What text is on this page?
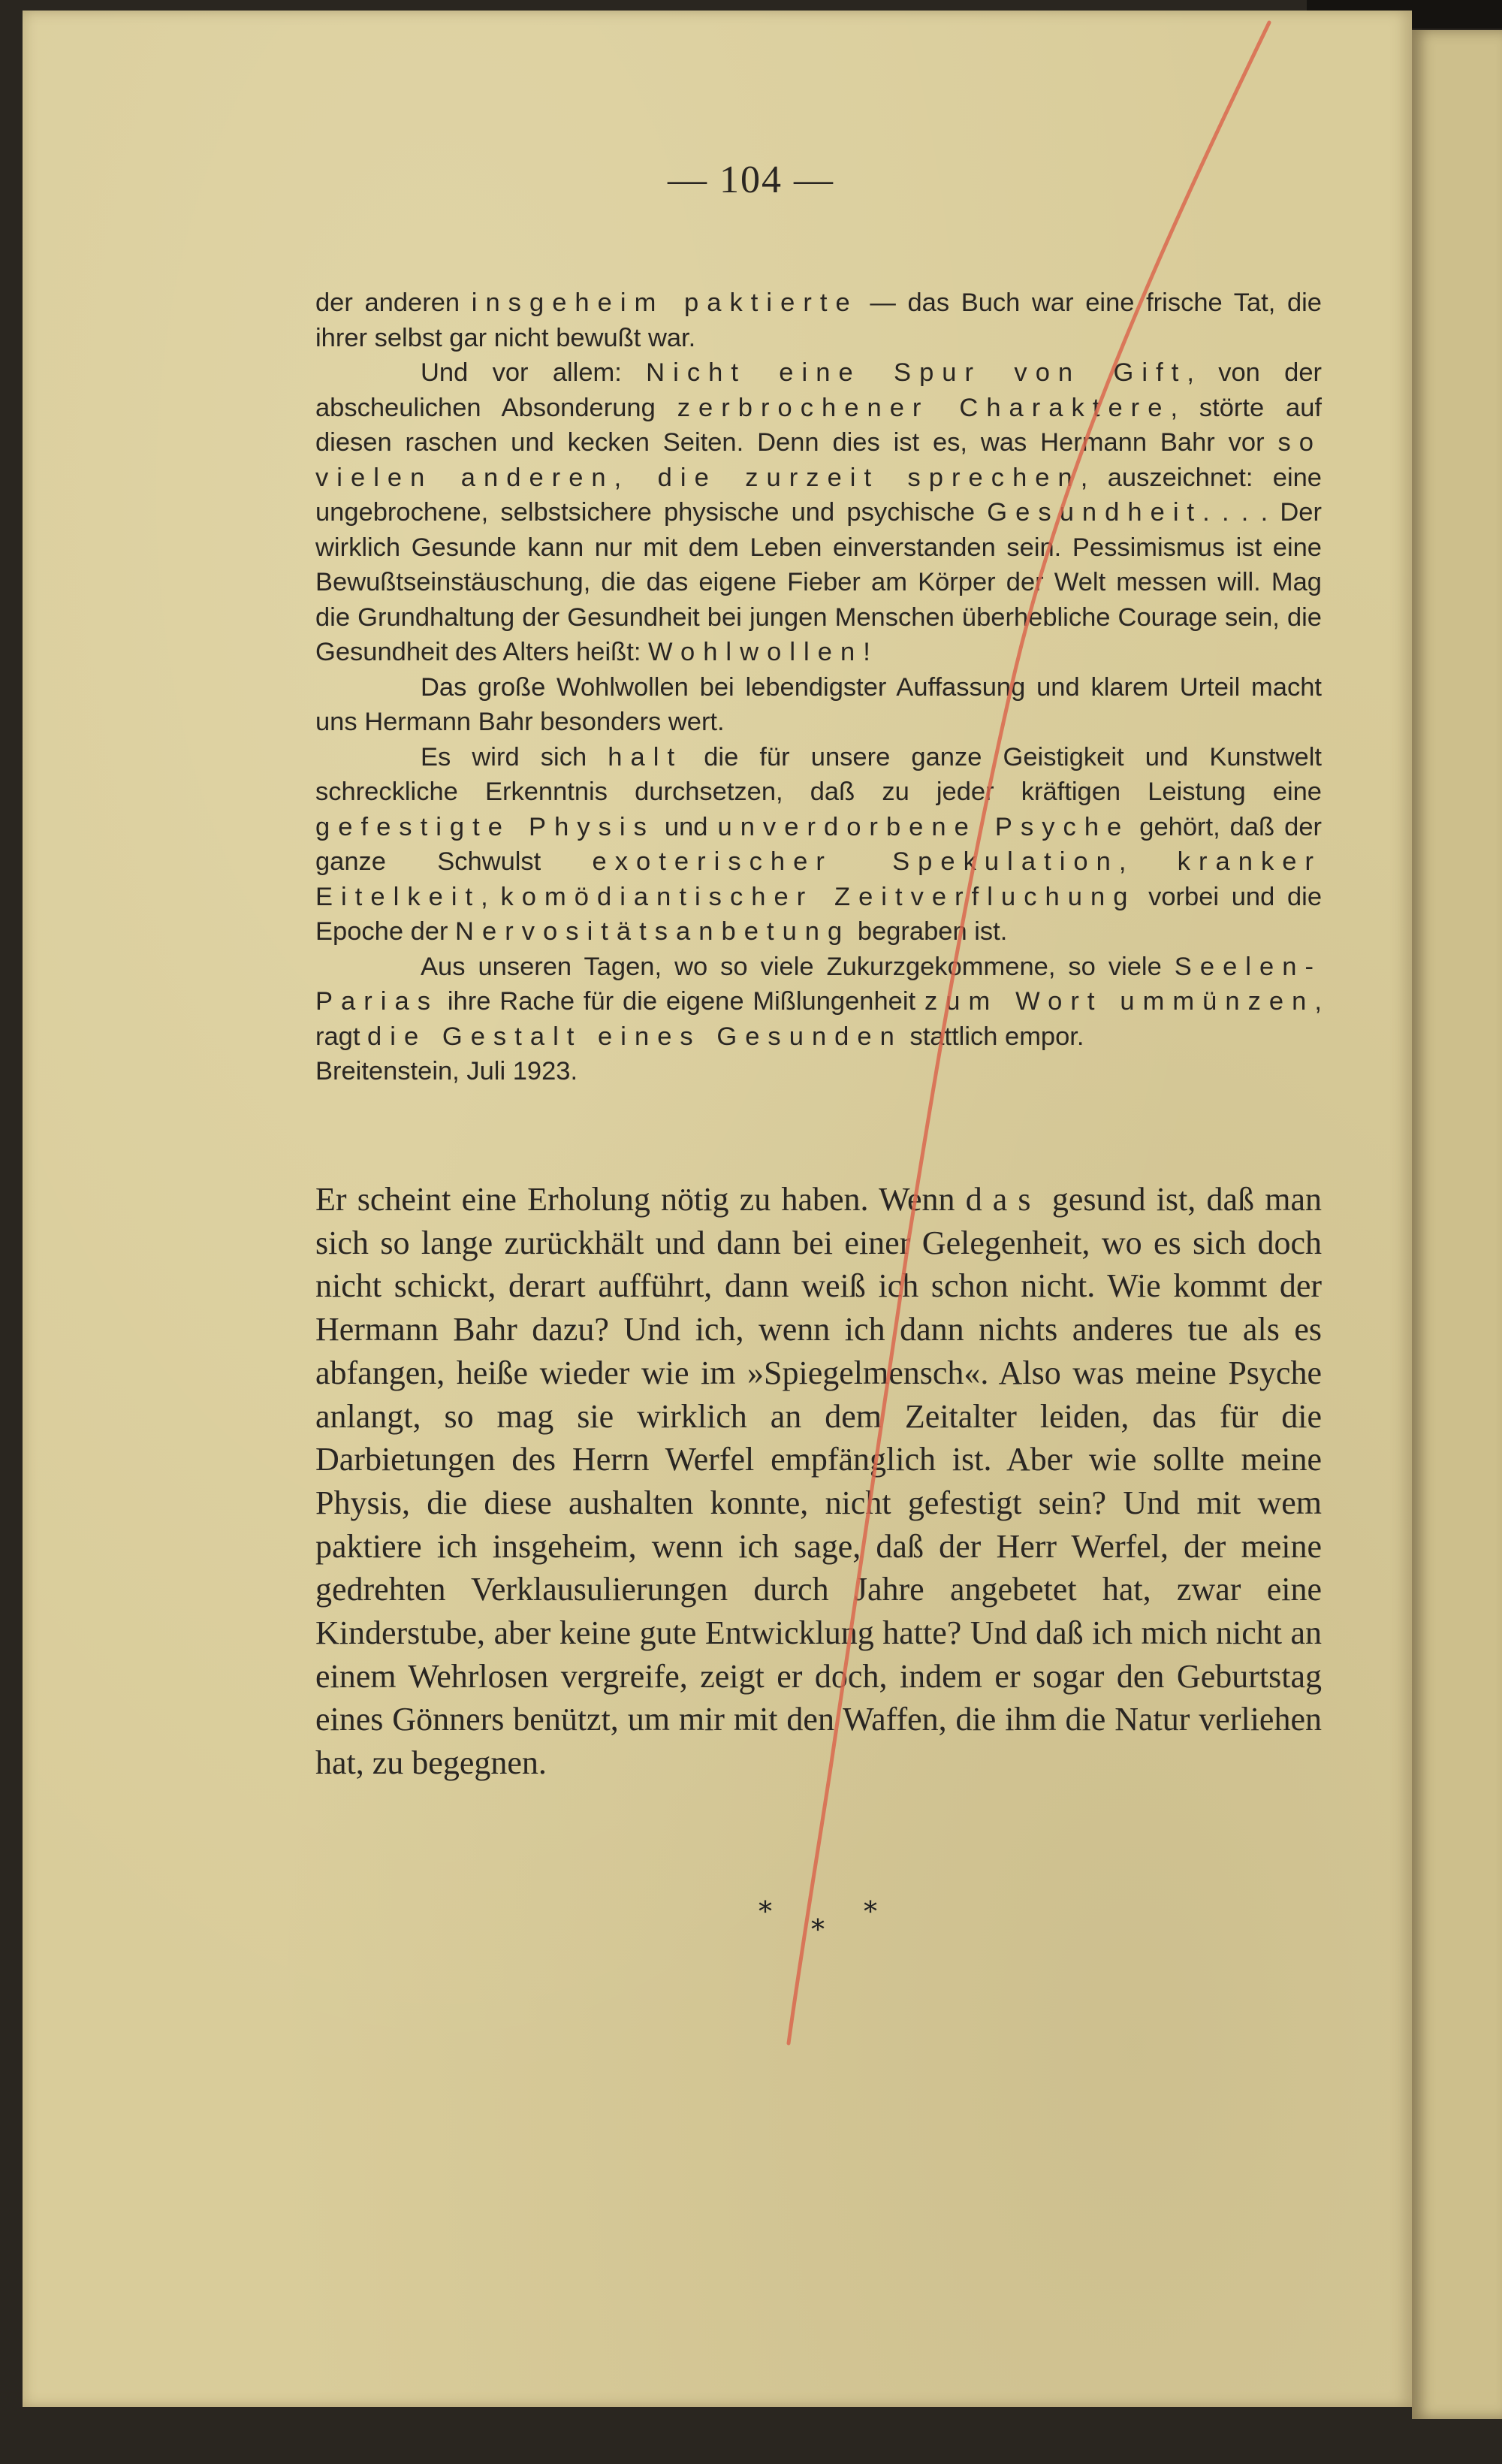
— 104 —

der anderen insgeheim paktierte — das Buch war eine frische Tat, die ihrer selbst gar nicht bewußt war.

Und vor allem: Nicht eine Spur von Gift, von der abscheulichen Absonderung zerbrochener Charaktere, störte auf diesen raschen und kecken Seiten. Denn dies ist es, was Hermann Bahr vor so vielen anderen, die zurzeit sprechen, auszeichnet: eine ungebrochene, selbstsichere physische und psychische Gesundheit. . . . Der wirklich Gesunde kann nur mit dem Leben einverstanden sein. Pessimismus ist eine Bewußtseinstäuschung, die das eigene Fieber am Körper der Welt messen will. Mag die Grundhaltung der Gesundheit bei jungen Menschen überhebliche Courage sein, die Gesundheit des Alters heißt: Wohlwollen!

Das große Wohlwollen bei lebendigster Auffassung und klarem Urteil macht uns Hermann Bahr besonders wert.

Es wird sich halt die für unsere ganze Geistigkeit und Kunstwelt schreckliche Erkenntnis durchsetzen, daß zu jeder kräftigen Leistung eine gefestigte Physis und unverdorbene Psyche gehört, daß der ganze Schwulst exoterischer Spekulation, kranker Eitelkeit, komödiantischer Zeitverfluchung vorbei und die Epoche der Nervositätsanbetung begraben ist.

Aus unseren Tagen, wo so viele Zukurzgekommene, so viele Seelen-Parias ihre Rache für die eigene Mißlungenheit zum Wort ummünzen, ragt die Gestalt eines Gesunden stattlich empor.

Breitenstein, Juli 1923.

Er scheint eine Erholung nötig zu haben. Wenn das gesund ist, daß man sich so lange zurückhält und dann bei einer Gelegenheit, wo es sich doch nicht schickt, derart aufführt, dann weiß ich schon nicht. Wie kommt der Hermann Bahr dazu? Und ich, wenn ich dann nichts anderes tue als es abfangen, heiße wieder wie im »Spiegelmensch«. Also was meine Psyche anlangt, so mag sie wirklich an dem Zeitalter leiden, das für die Darbietungen des Herrn Werfel empfänglich ist. Aber wie sollte meine Physis, die diese aushalten konnte, nicht gefestigt sein? Und mit wem paktiere ich insgeheim, wenn ich sage, daß der Herr Werfel, der meine gedrehten Verklausulierungen durch Jahre angebetet hat, zwar eine Kinderstube, aber keine gute Entwicklung hatte? Und daß ich mich nicht an einem Wehrlosen vergreife, zeigt er doch, indem er sogar den Geburtstag eines Gönners benützt, um mir mit den Waffen, die ihm die Natur verliehen hat, zu begegnen.

*
*
*
